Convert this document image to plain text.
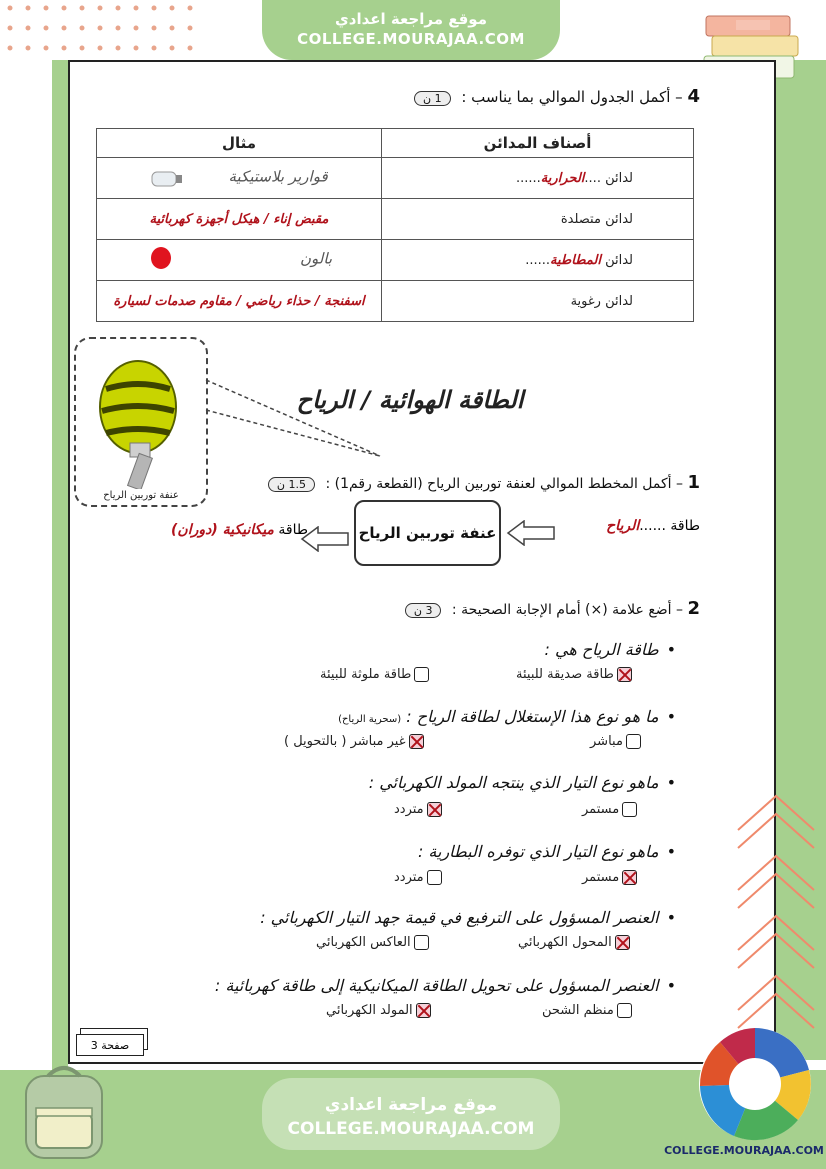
موقع مراجعة اعدادي
COLLEGE.MOURAJAA.COM
4 – أكمل الجدول الموالي بما يناسب : 1 ن
أصناف المدائن	مثال
لدائن ....الحرارية......	قوارير بلاستيكية
لدائن متصلدة	مقبض إناء / هيكل أجهزة كهربائية
لدائن المطاطية......	بالون
لدائن رغوية	اسفنجة / حذاء رياضي / مقاوم صدمات لسيارة
عنفة توربين الرياح
الطاقة الهوائية / الرياح
1 – أكمل المخطط الموالي لعنفة توربين الرياح (القطعة رقم1) : 1.5 ن
طاقة ......الرياح
عنفة توربين الرياح
طاقة ميكانيكية (دوران)
2 – أضع علامة (×) أمام الإجابة الصحيحة : 3 ن
•طاقة الرياح هي :
طاقة صديقة للبيئة
طاقة ملوثة للبيئة
•ما هو نوع هذا الإستغلال لطاقة الرياح : (سحرية الرياح)
مباشر
غير مباشر ( بالتحويل )
•ماهو نوع التيار الذي ينتجه المولد الكهربائي :
مستمر
متردد
•ماهو نوع التيار الذي توفره البطارية :
مستمر
متردد
•العنصر المسؤول على الترفيع في قيمة جهد التيار الكهربائي :
المحول الكهربائي
العاكس الكهربائي
•العنصر المسؤول على تحويل الطاقة الميكانيكية إلى طاقة كهربائية :
منظم الشحن
المولد الكهربائي
صفحة 3
موقع مراجعة اعدادي
COLLEGE.MOURAJAA.COM
COLLEGE.MOURAJAA.COM
